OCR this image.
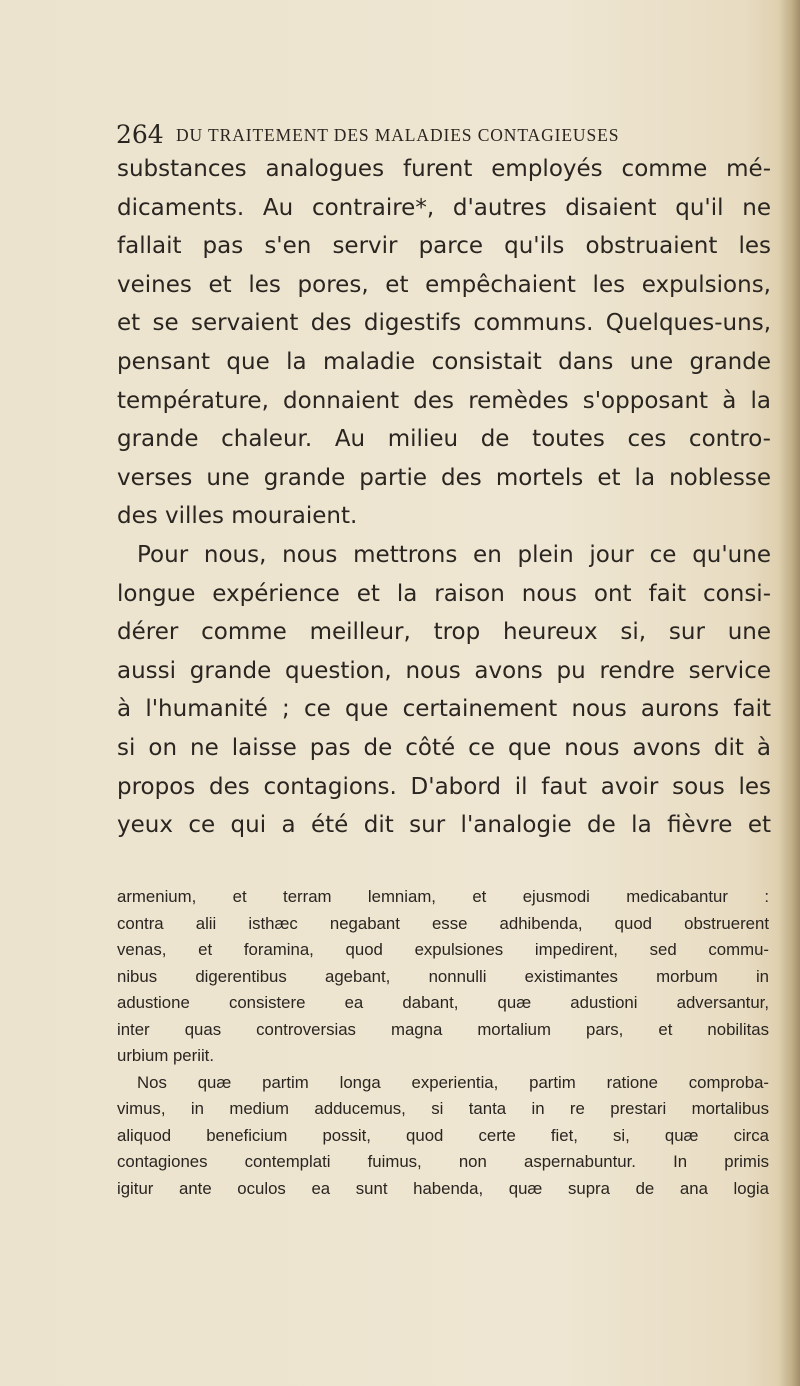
264 DU TRAITEMENT DES MALADIES CONTAGIEUSES
substances analogues furent employés comme mé-
dicaments. Au contraire*, d'autres disaient qu'il ne
fallait pas s'en servir parce qu'ils obstruaient les
veines et les pores, et empêchaient les expulsions,
et se servaient des digestifs communs. Quelques-uns,
pensant que la maladie consistait dans une grande
température, donnaient des remèdes s'opposant à la
grande chaleur. Au milieu de toutes ces contro-
verses une grande partie des mortels et la noblesse
des villes mouraient.
Pour nous, nous mettrons en plein jour ce qu'une
longue expérience et la raison nous ont fait consi-
dérer comme meilleur, trop heureux si, sur une
aussi grande question, nous avons pu rendre service
à l'humanité ; ce que certainement nous aurons fait
si on ne laisse pas de côté ce que nous avons dit à
propos des contagions. D'abord il faut avoir sous les
yeux ce qui a été dit sur l'analogie de la fièvre et
armenium, et terram lemniam, et ejusmodi medicabantur :
contra alii isthæc negabant esse adhibenda, quod obstruerent
venas, et foramina, quod expulsiones impedirent, sed commu-
nibus digerentibus agebant, nonnulli existimantes morbum in
adustione consistere ea dabant, quæ adustioni adversantur,
inter quas controversias magna mortalium pars, et nobilitas
urbium periit.
Nos quæ partim longa experientia, partim ratione comproba-
vimus, in medium adducemus, si tanta in re prestari mortalibus
aliquod beneficium possit, quod certe fiet, si, quæ circa
contagiones contemplati fuimus, non aspernabuntur. In primis
igitur ante oculos ea sunt habenda, quæ supra de ana logia
